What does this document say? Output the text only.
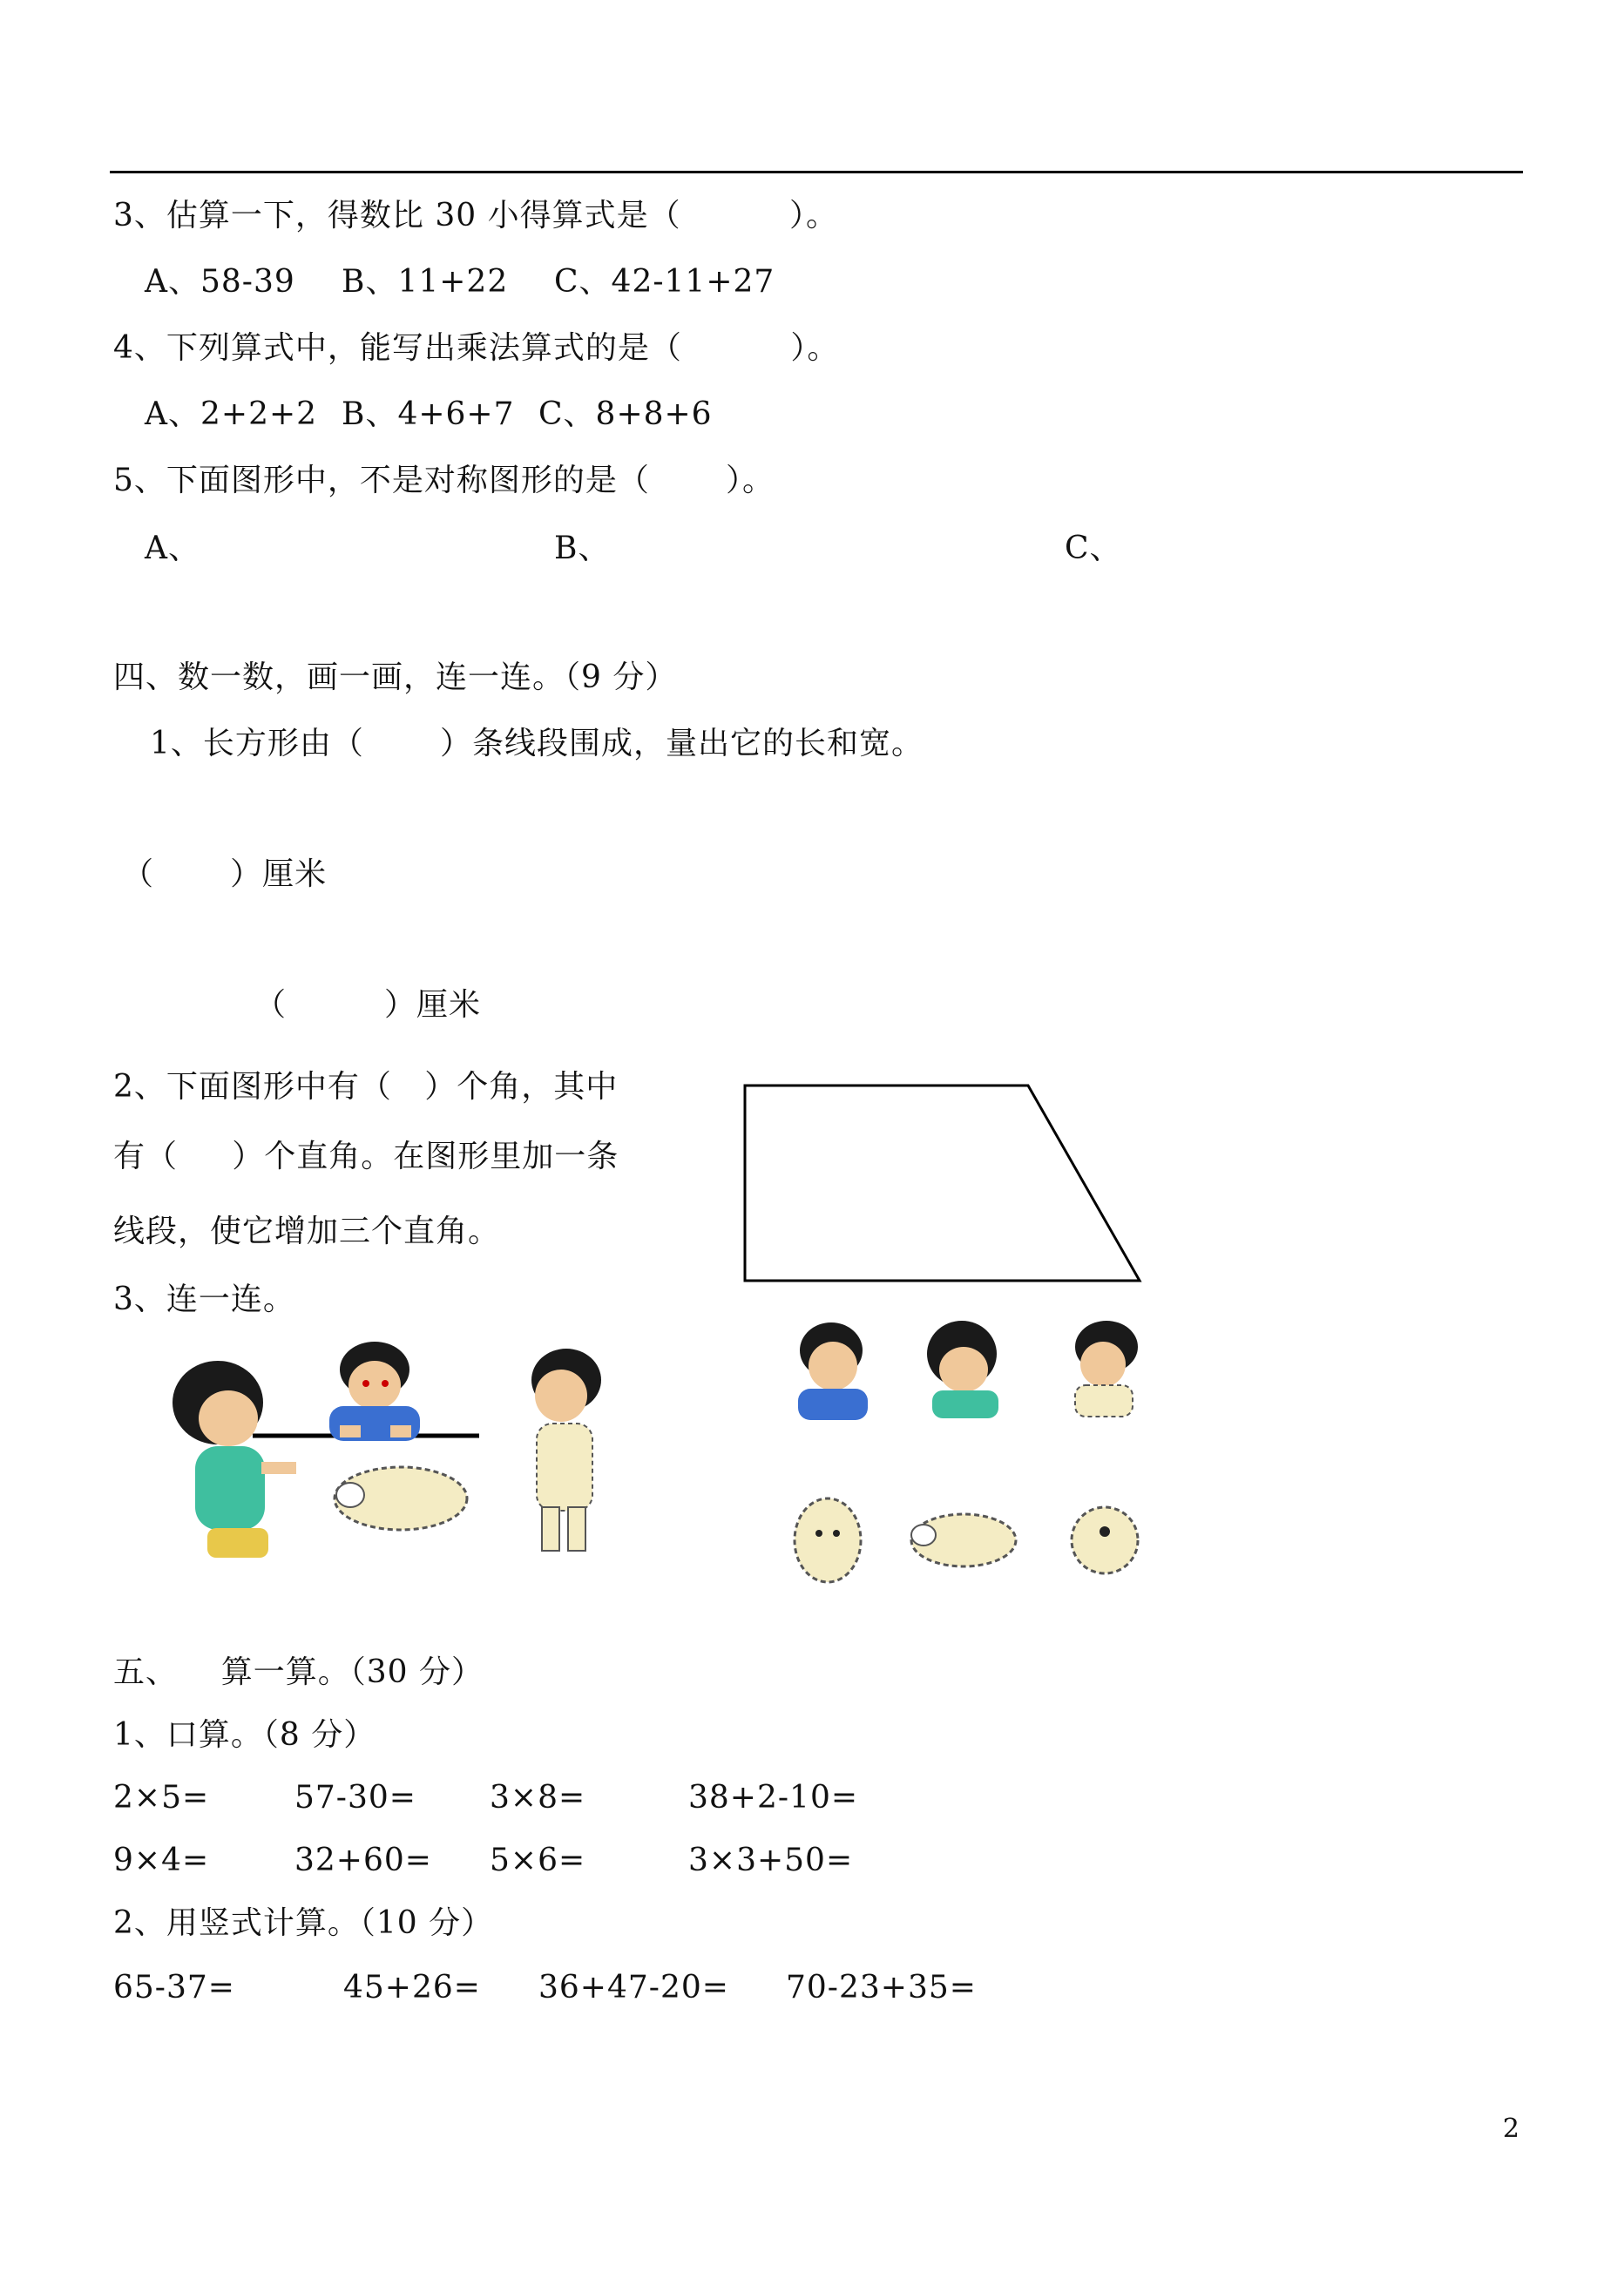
3、估算一下，得数比 30 小得算式是（          ）。
A、58-39 B、11+22 C、42-11+27
4、下列算式中，能写出乘法算式的是（          ）。
A、2+2+2 B、4+6+7 C、8+8+6
5、下面图形中，不是对称图形的是（       ）。
A、	B、	C、
四、数一数，画一画，连一连。（9 分）
1、长方形由（       ）条线段围成，量出它的长和宽。
（       ）厘米
（         ）厘米
2、下面图形中有（   ）个角，其中
有（     ）个直角。在图形里加一条
线段，使它增加三个直角。
3、连一连。
五、    算一算。（30 分）
1、口算。（8 分）
2×5=	57-30= 3×8=	38+2-10=
9×4=	32+60= 5×6=	3×3+50=
2、用竖式计算。（10 分）
65-37=	45+26= 36+47-20= 70-23+35=
2
